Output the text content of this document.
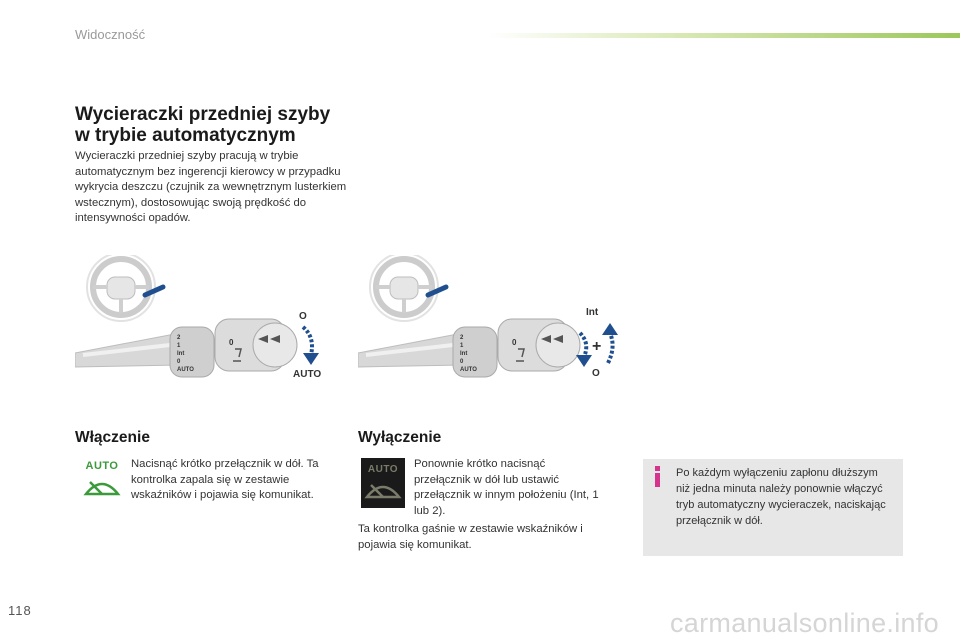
Widoczność
Wycieraczki przedniej szyby
w trybie automatycznym
Wycieraczki przedniej szyby pracują w trybie automatycznym bez ingerencji kierowcy w przypadku wykrycia deszczu (czujnik za wewnętrznym lusterkiem wstecznym), dostosowując swoją prędkość do intensywności opadów.
2
1
Int
0
AUTO
0
O
AUTO
2
1
Int
0
AUTO
0	+
Int
O
Włączenie
AUTO	Nacisnąć krótko przełącznik w dół. Ta kontrolka zapala się w zestawie wskaźników i pojawia się komunikat.
Wyłączenie
AUTO	Ponownie krótko nacisnąć przełącznik w dół lub ustawić przełącznik w innym położeniu (Int, 1 lub 2).
Ta kontrolka gaśnie w zestawie wskaźników i pojawia się komunikat.
Po każdym wyłączeniu zapłonu dłuższym niż jedna minuta należy ponownie włączyć tryb automatyczny wycieraczek, naciskając przełącznik w dół.
118	carmanualsonline.info
